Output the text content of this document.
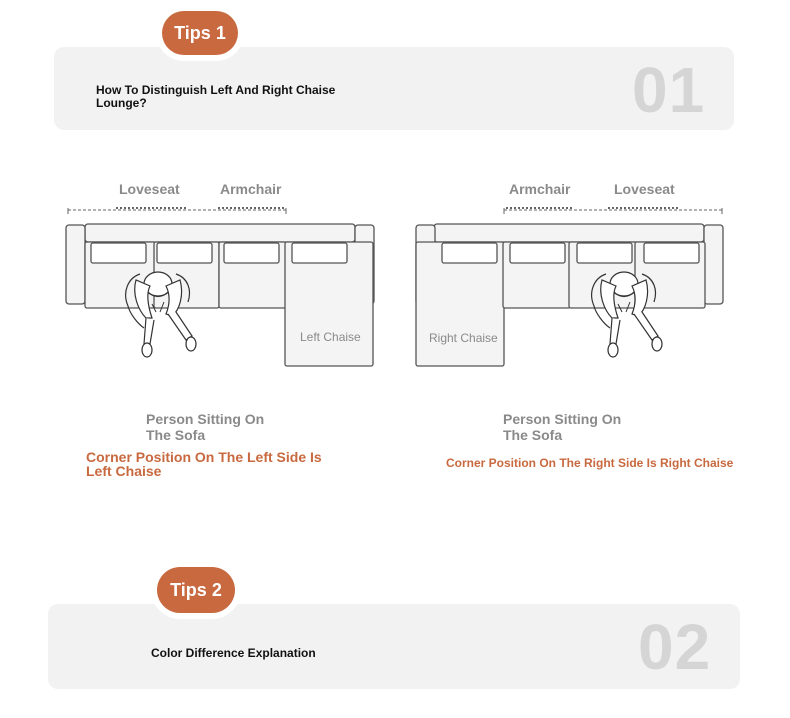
Tips 1
How To Distinguish Left And Right Chaise Lounge?	01
Loveseat	Armchair
Left Chaise
Person Sitting On The Sofa
Corner Position On The Left Side Is Left Chaise
Armchair	Loveseat
Right Chaise
Person Sitting On The Sofa
Corner Position On The Right Side Is Right Chaise
Tips 2
Color Difference Explanation	02
